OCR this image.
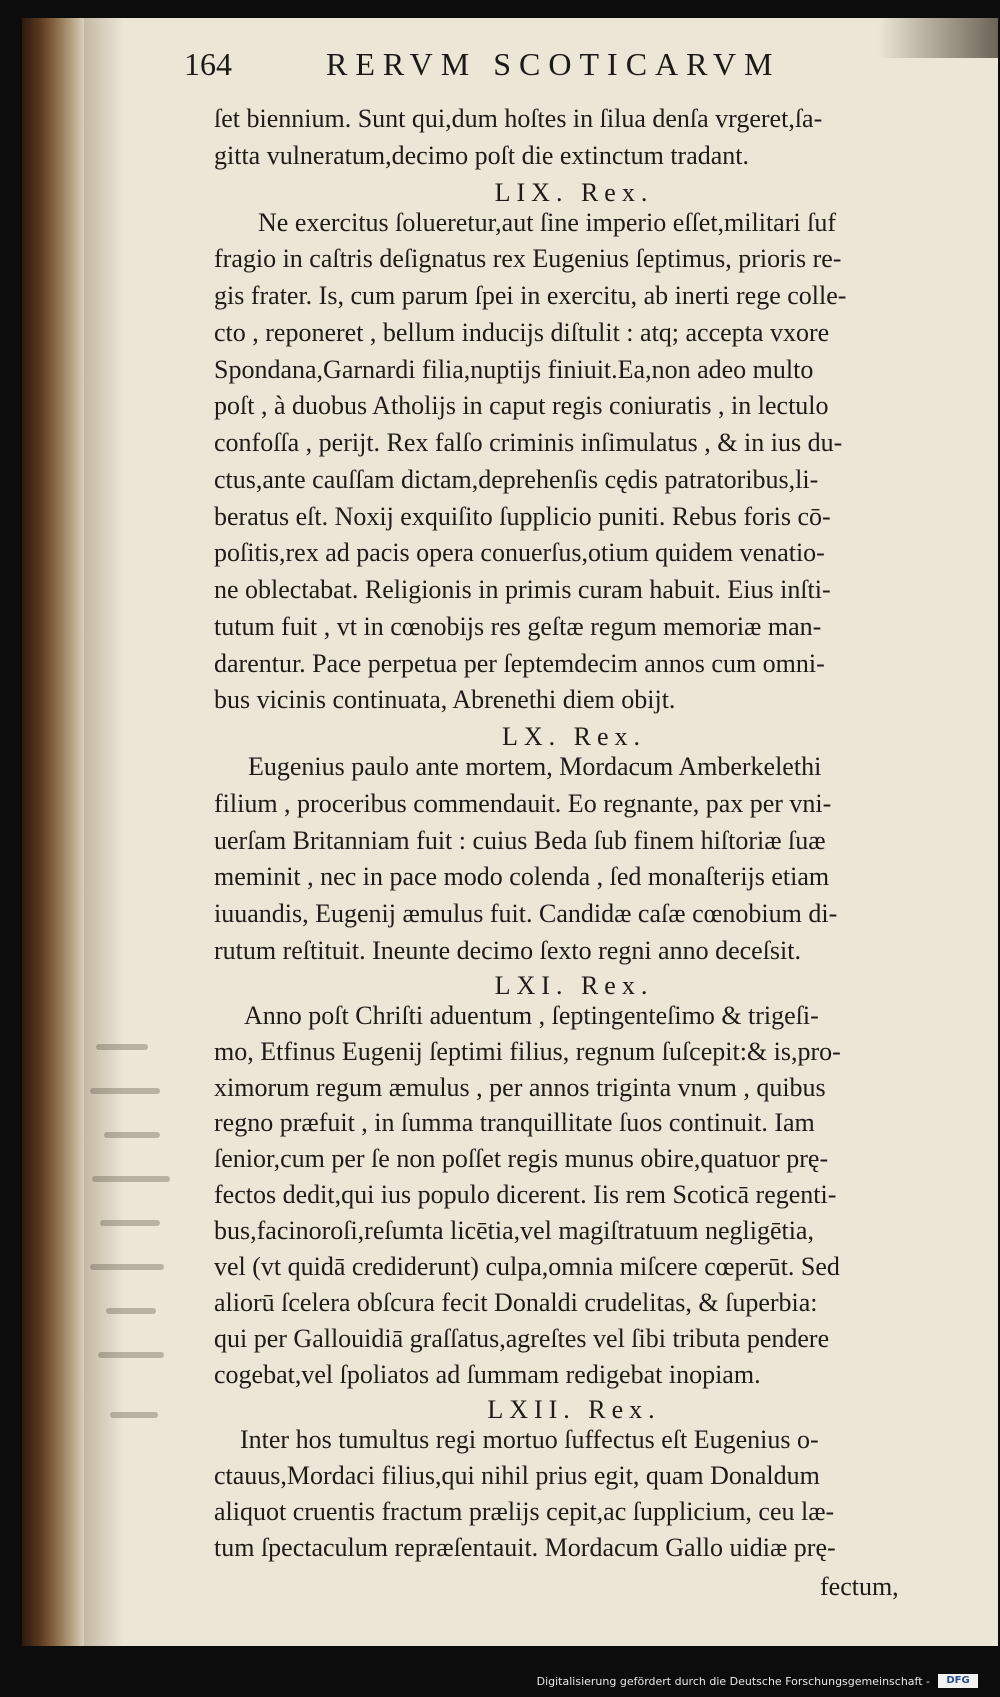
164	RERVM SCOTICARVM
ſet biennium. Sunt qui,dum hoſtes in ſilua denſa vrgeret,ſa-
gitta vulneratum,decimo poſt die extinctum tradant.
LIX. Rex.
Ne exercitus ſolueretur,aut ſine imperio eſſet,militari ſuf
fragio in caſtris deſignatus rex Eugenius ſeptimus, prioris re-
gis frater. Is, cum parum ſpei in exercitu, ab inerti rege colle-
cto , reponeret , bellum inducijs diſtulit : atq; accepta vxore
Spondana,Garnardi filia,nuptijs finiuit.Ea,non adeo multo
poſt , à duobus Atholijs in caput regis coniuratis , in lectulo
confoſſa , perijt. Rex falſo criminis inſimulatus , & in ius du-
ctus,ante cauſſam dictam,deprehenſis cędis patratoribus,li-
beratus eſt. Noxij exquiſito ſupplicio puniti. Rebus foris cō-
poſitis,rex ad pacis opera conuerſus,otium quidem venatio-
ne oblectabat. Religionis in primis curam habuit. Eius inſti-
tutum fuit , vt in cœnobijs res geſtæ regum memoriæ man-
darentur. Pace perpetua per ſeptemdecim annos cum omni-
bus vicinis continuata, Abrenethi diem obijt.
LX. Rex.
Eugenius paulo ante mortem, Mordacum Amberkelethi
filium , proceribus commendauit. Eo regnante, pax per vni-
uerſam Britanniam fuit : cuius Beda ſub finem hiſtoriæ ſuæ
meminit , nec in pace modo colenda , ſed monaſterijs etiam
iuuandis, Eugenij æmulus fuit. Candidæ caſæ cœnobium di-
rutum reſtituit. Ineunte decimo ſexto regni anno deceſsit.
LXI. Rex.
Anno poſt Chriſti aduentum , ſeptingenteſimo & trigeſi-
mo, Etfinus Eugenij ſeptimi filius, regnum ſuſcepit:& is,pro-
ximorum regum æmulus , per annos triginta vnum , quibus
regno præfuit , in ſumma tranquillitate ſuos continuit. Iam
ſenior,cum per ſe non poſſet regis munus obire,quatuor prę-
fectos dedit,qui ius populo dicerent. Iis rem Scoticā regenti-
bus,facinoroſi,reſumta licētia,vel magiſtratuum negligētia,
vel (vt quidā crediderunt) culpa,omnia miſcere cœperūt. Sed
aliorū ſcelera obſcura fecit Donaldi crudelitas, & ſuperbia:
qui per Gallouidiā graſſatus,agreſtes vel ſibi tributa pendere
cogebat,vel ſpoliatos ad ſummam redigebat inopiam.
LXII. Rex.
Inter hos tumultus regi mortuo ſuffectus eſt Eugenius o-
ctauus,Mordaci filius,qui nihil prius egit, quam Donaldum
aliquot cruentis fractum prælijs cepit,ac ſupplicium, ceu læ-
tum ſpectaculum repræſentauit. Mordacum Gallo uidiæ prę-
fectum,
Digitalisierung gefördert durch die Deutsche Forschungsgemeinschaft -	DFG
